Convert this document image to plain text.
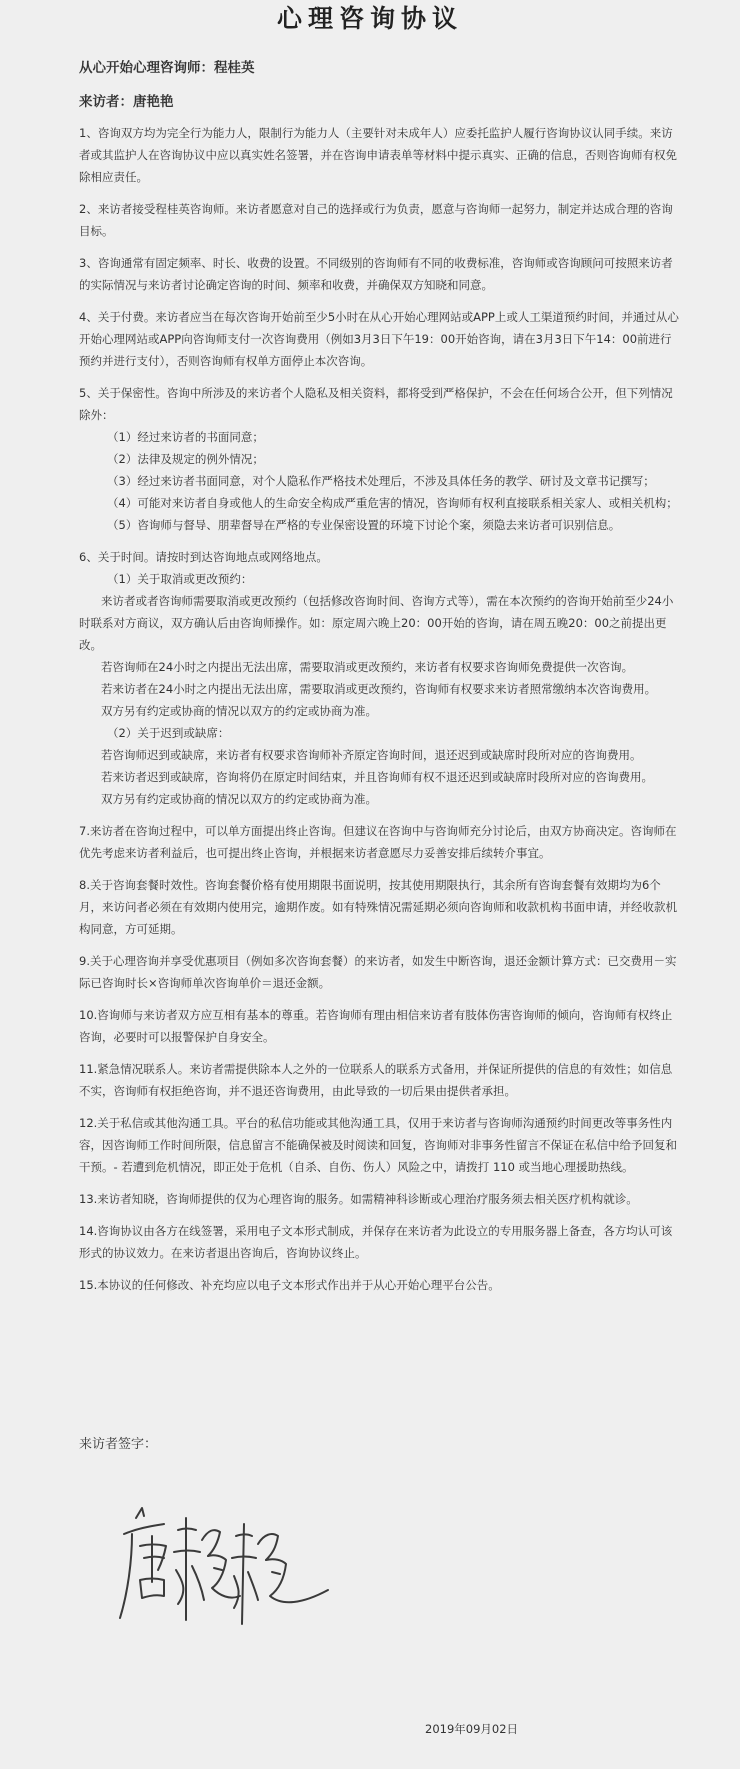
心理咨询协议
从心开始心理咨询师：程桂英
来访者：唐艳艳

1、咨询双方均为完全行为能力人，限制行为能力人（主要针对未成年人）应委托监护人履行咨询协议认同手续。来访者或其监护人在咨询协议中应以真实姓名签署，并在咨询申请表单等材料中提示真实、正确的信息，否则咨询师有权免除相应责任。

2、来访者接受程桂英咨询师。来访者愿意对自己的选择或行为负责，愿意与咨询师一起努力，制定并达成合理的咨询目标。

3、咨询通常有固定频率、时长、收费的设置。不同级别的咨询师有不同的收费标准，咨询师或咨询顾问可按照来访者的实际情况与来访者讨论确定咨询的时间、频率和收费，并确保双方知晓和同意。

4、关于付费。来访者应当在每次咨询开始前至少5小时在从心开始心理网站或APP上或人工渠道预约时间，并通过从心开始心理网站或APP向咨询师支付一次咨询费用（例如3月3日下午19：00开始咨询，请在3月3日下午14：00前进行预约并进行支付），否则咨询师有权单方面停止本次咨询。

5、关于保密性。咨询中所涉及的来访者个人隐私及相关资料，都将受到严格保护，不会在任何场合公开，但下列情况除外：

（1）经过来访者的书面同意；

（2）法律及规定的例外情况；

（3）经过来访者书面同意，对个人隐私作严格技术处理后，不涉及具体任务的教学、研讨及文章书记撰写；

（4）可能对来访者自身或他人的生命安全构成严重危害的情况，咨询师有权利直接联系相关家人、或相关机构；

（5）咨询师与督导、朋辈督导在严格的专业保密设置的环境下讨论个案，须隐去来访者可识别信息。

6、关于时间。请按时到达咨询地点或网络地点。

（1）关于取消或更改预约：

来访者或者咨询师需要取消或更改预约（包括修改咨询时间、咨询方式等），需在本次预约的咨询开始前至少24小时联系对方商议，双方确认后由咨询师操作。如：原定周六晚上20：00开始的咨询，请在周五晚20：00之前提出更改。

若咨询师在24小时之内提出无法出席，需要取消或更改预约，来访者有权要求咨询师免费提供一次咨询。

若来访者在24小时之内提出无法出席，需要取消或更改预约，咨询师有权要求来访者照常缴纳本次咨询费用。

双方另有约定或协商的情况以双方的约定或协商为准。

（2）关于迟到或缺席：

若咨询师迟到或缺席，来访者有权要求咨询师补齐原定咨询时间，退还迟到或缺席时段所对应的咨询费用。

若来访者迟到或缺席，咨询将仍在原定时间结束，并且咨询师有权不退还迟到或缺席时段所对应的咨询费用。

双方另有约定或协商的情况以双方的约定或协商为准。

7.来访者在咨询过程中，可以单方面提出终止咨询。但建议在咨询中与咨询师充分讨论后，由双方协商决定。咨询师在优先考虑来访者利益后，也可提出终止咨询，并根据来访者意愿尽力妥善安排后续转介事宜。

8.关于咨询套餐时效性。咨询套餐价格有使用期限书面说明，按其使用期限执行，其余所有咨询套餐有效期均为6个月，来访问者必须在有效期内使用完，逾期作废。如有特殊情况需延期必须向咨询师和收款机构书面申请，并经收款机构同意，方可延期。

9.关于心理咨询并享受优惠项目（例如多次咨询套餐）的来访者，如发生中断咨询，退还金额计算方式：已交费用－实际已咨询时长×咨询师单次咨询单价＝退还金额。

10.咨询师与来访者双方应互相有基本的尊重。若咨询师有理由相信来访者有肢体伤害咨询师的倾向，咨询师有权终止咨询，必要时可以报警保护自身安全。

11.紧急情况联系人。来访者需提供除本人之外的一位联系人的联系方式备用，并保证所提供的信息的有效性；如信息不实，咨询师有权拒绝咨询，并不退还咨询费用，由此导致的一切后果由提供者承担。

12.关于私信或其他沟通工具。平台的私信功能或其他沟通工具，仅用于来访者与咨询师沟通预约时间更改等事务性内容，因咨询师工作时间所限，信息留言不能确保被及时阅读和回复，咨询师对非事务性留言不保证在私信中给予回复和干预。- 若遭到危机情况，即正处于危机（自杀、自伤、伤人）风险之中，请拨打 110 或当地心理援助热线。

13.来访者知晓，咨询师提供的仅为心理咨询的服务。如需精神科诊断或心理治疗服务须去相关医疗机构就诊。

14.咨询协议由各方在线签署，采用电子文本形式制成，并保存在来访者为此设立的专用服务器上备查，各方均认可该形式的协议效力。在来访者退出咨询后，咨询协议终止。

15.本协议的任何修改、补充均应以电子文本形式作出并于从心开始心理平台公告。

来访者签字：
2019年09月02日
